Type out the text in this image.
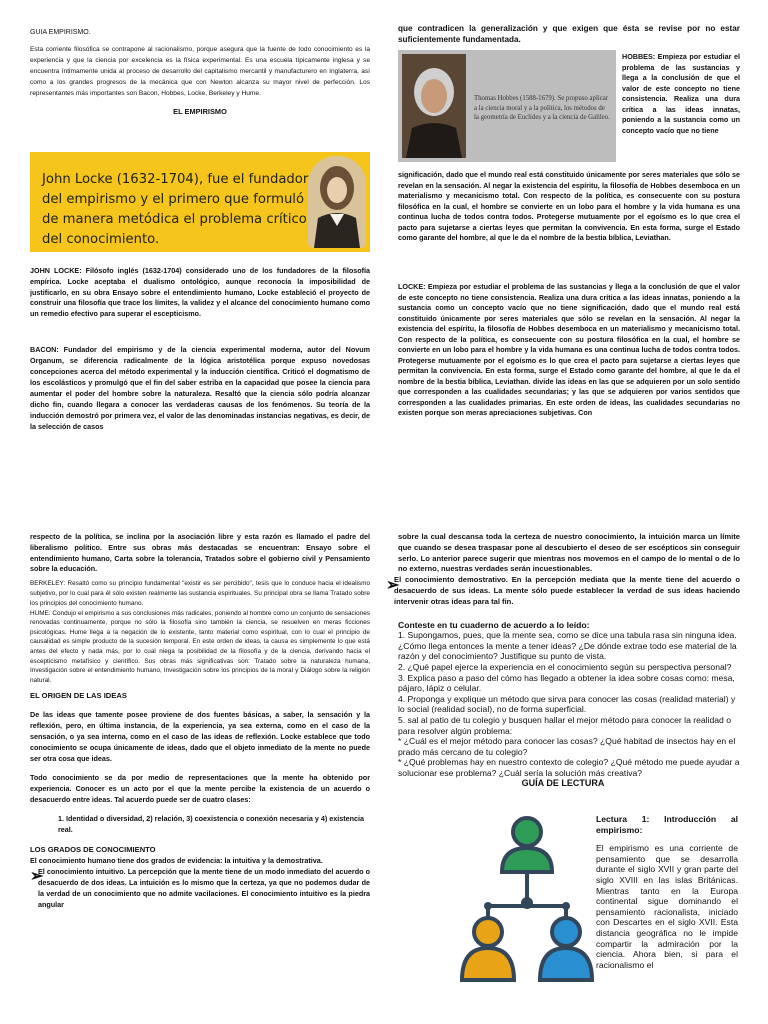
GUIA EMPIRISMO.

Esta corriente filosófica se contrapone al racionalismo, porque asegura que la fuente de todo conocimiento es la experiencia y que la ciencia por excelencia es la física experimental. Es una escuela típicamente inglesa y se encuentra íntimamente unida al proceso de desarrollo del capitalismo mercantil y manufacturero en Inglaterra, así como a los grandes progresos de la mecánica que con Newton alcanza su mayor nivel de perfección. Los representantes más importantes son Bacon, Hobbes, Locke, Berkeley y Hume.

EL EMPIRISMO

John Locke (1632-1704), fue el fundador del empirismo y el primero que formuló de manera metódica el problema crítico del conocimiento.

JOHN LOCKE: Filósofo inglés (1632-1704) considerado uno de los fundadores de la filosofía empírica. Locke aceptaba el dualismo ontológico, aunque reconocía la imposibilidad de justificarlo, en su obra Ensayo sobre el entendimiento humano, Locke estableció el proyecto de construir una filosofía que trace los límites, la validez y el alcance del conocimiento humano como un remedio efectivo para superar el escepticismo.

BACON: Fundador del empirismo y de la ciencia experimental moderna, autor del Novum Organum, se diferencia radicalmente de la lógica aristotélica porque expuso novedosas concepciones acerca del método experimental y la inducción científica. Criticó el dogmatismo de los escolásticos y promulgó que el fin del saber estriba en la capacidad que posee la ciencia para aumentar el poder del hombre sobre la naturaleza. Resaltó que la ciencia sólo podría alcanzar dicho fin, cuando llegara a conocer las verdaderas causas de los fenómenos. Su teoría de la inducción demostró por primera vez, el valor de las denominadas instancias negativas, es decir, de la selección de casos

que contradicen la generalización y que exigen que ésta se revise por no estar suficientemente fundamentada.

Thomas Hobbes (1588-1679). Se propuso aplicar a la ciencia moral y a la política, los métodos de la geometría de Euclides y a la ciencia de Galileo.

HOBBES: Empieza por estudiar el problema de las sustancias y llega a la conclusión de que el valor de este concepto no tiene consistencia. Realiza una dura crítica a las ideas innatas, poniendo a la sustancia como un concepto vacío que no tiene

significación, dado que el mundo real está constituido únicamente por seres materiales que sólo se revelan en la sensación. Al negar la existencia del espíritu, la filosofía de Hobbes desemboca en un materialismo y mecanicismo total. Con respecto de la política, es consecuente con su postura filosófica en la cual, el hombre se convierte en un lobo para el hombre y la vida humana es una continua lucha de todos contra todos. Protegerse mutuamente por el egoísmo es lo que crea el pacto para sujetarse a ciertas leyes que permitan la convivencia. En esta forma, surge el Estado como garante del hombre, al que le da el nombre de la bestia bíblica, Leviathan.

LOCKE: Empieza por estudiar el problema de las sustancias y llega a la conclusión de que el valor de este concepto no tiene consistencia. Realiza una dura crítica a las ideas innatas, poniendo a la sustancia como un concepto vacío que no tiene significación, dado que el mundo real está constituido únicamente por seres materiales que sólo se revelan en la sensación. Al negar la existencia del espíritu, la filosofía de Hobbes desemboca en un materialismo y mecanicismo total. Con respecto de la política, es consecuente con su postura filosófica en la cual, el hombre se convierte en un lobo para el hombre y la vida humana es una continua lucha de todos contra todos. Protegerse mutuamente por el egoísmo es lo que crea el pacto para sujetarse a ciertas leyes que permitan la convivencia. En esta forma, surge el Estado como garante del hombre, al que le da el nombre de la bestia bíblica, Leviathan. divide las ideas en las que se adquieren por un solo sentido que corresponden a las cualidades secundarias; y las que se adquieren por varios sentidos que corresponden a las cualidades primarias. En este orden de ideas, las cualidades secundarias no existen porque son meras apreciaciones subjetivas. Con

respecto de la política, se inclina por la asociación libre y esta razón es llamado el padre del liberalismo político. Entre sus obras más destacadas se encuentran: Ensayo sobre el entendimiento humano, Carta sobre la tolerancia, Tratados sobre el gobierno civil y Pensamiento sobre la educación.

BERKELEY: Resaltó como su principio fundamental "existir es ser percibido", tesis que lo conduce hacia el idealismo subjetivo, por lo cual para él sólo existen realmente las sustancia espirituales. Su principal obra se llama Tratado sobre los principios del conocimiento humano.

HUME: Condujo el empirismo a sus conclusiones más radicales, poniendo al hombre como un conjunto de sensaciones renovadas continuamente, porque no sólo la filosofía sino también la ciencia, se resuelven en meras ficciones psicológicas. Hume llega a la negación de lo existente, tanto material como espiritual, con lo cual el principio de causalidad es simple producto de la sucesión temporal. En este orden de ideas, la causa es simplemente lo que está antes del efecto y nada más, por lo cual niega la posibilidad de la filosofía y de la ciencia, derivando hacia el escepticismo metafísico y científico. Sus obras más significativas son: Tratado sobre la naturaleza humana, Investigación sobre el entendimiento humano, Investigación sobre los principios de la moral y Diálogo sobre la religión natural.

EL ORIGEN DE LAS IDEAS

De las ideas que tamente posee proviene de dos fuentes básicas, a saber, la sensación y la reflexión, pero, en última instancia, de la experiencia, ya sea externa, como en el caso de la sensación, o ya sea interna, como en el caso de las ideas de reflexión. Locke establece que todo conocimiento se ocupa únicamente de ideas, dado que el objeto inmediato de la mente no puede ser otra cosa que ideas.

Todo conocimiento se da por medio de representaciones que la mente ha obtenido por experiencia. Conocer es un acto por el que la mente percibe la existencia de un acuerdo o desacuerdo entre ideas. Tal acuerdo puede ser de cuatro clases:

1. Identidad o diversidad, 2) relación, 3) coexistencia o conexión necesaria y 4) existencia real.

LOS GRADOS DE CONOCIMIENTO

El conocimiento humano tiene dos grados de evidencia: la intuitiva y la demostrativa.

➢

El conocimiento intuitivo. La percepción que la mente tiene de un modo inmediato del acuerdo o desacuerdo de dos ideas. La intuición es lo mismo que la certeza, ya que no podemos dudar de la verdad de un conocimiento que no admite vacilaciones. El conocimiento intuitivo es la piedra angular

sobre la cual descansa toda la certeza de nuestro conocimiento, la intuición marca un límite que cuando se desea traspasar pone al descubierto el deseo de ser escépticos sin conseguir serlo. Lo anterior parece sugerir que mientras nos movemos en el campo de lo mental o de lo no externo, nuestras verdades serán incuestionables.

➢

El conocimiento demostrativo. En la percepción mediata que la mente tiene del acuerdo o desacuerdo de sus ideas. La mente sólo puede establecer la verdad de sus ideas haciendo intervenir otras ideas para tal fin.

Conteste en tu cuaderno de acuerdo a lo leído:

1. Supongamos, pues, que la mente sea, como se dice una tabula rasa sin ninguna idea. ¿Cómo llega entonces la mente a tener ideas? ¿De dónde extrae todo ese material de la razón y del conocimiento? Justifique su punto de vista.

2. ¿Qué papel ejerce la experiencia en el conocimiento según su perspectiva personal?

3. Explica paso a paso del cómo has llegado a obtener la idea sobre cosas como: mesa, pájaro, lápiz o celular.

4. Proponga y explique un método que sirva para conocer las cosas (realidad material) y lo social (realidad social), no de forma superficial.

5. sal al patio de tu colegio y busquen hallar el mejor método para conocer la realidad o para resolver algún problema:

* ¿Cuál es el mejor método para conocer las cosas? ¿Qué habitad de insectos hay en el prado más cercano de tu colegio?

* ¿Qué problemas hay en nuestro contexto de colegio? ¿Qué método me puede ayudar a solucionar ese problema? ¿Cuál sería la solución más creativa?

GUÍA DE LECTURA

Lectura 1: Introducción al empirismo:

El empirismo es una corriente de pensamiento que se desarrolla durante el siglo XVII y gran parte del siglo XVIII en las islas Británicas. Mientras tanto en la Europa continental sigue dominando el pensamiento racionalista, iniciado con Descartes en el siglo XVII. Esta distancia geográfica no le impide compartir la admiración por la ciencia. Ahora bien, si para el racionalismo el
